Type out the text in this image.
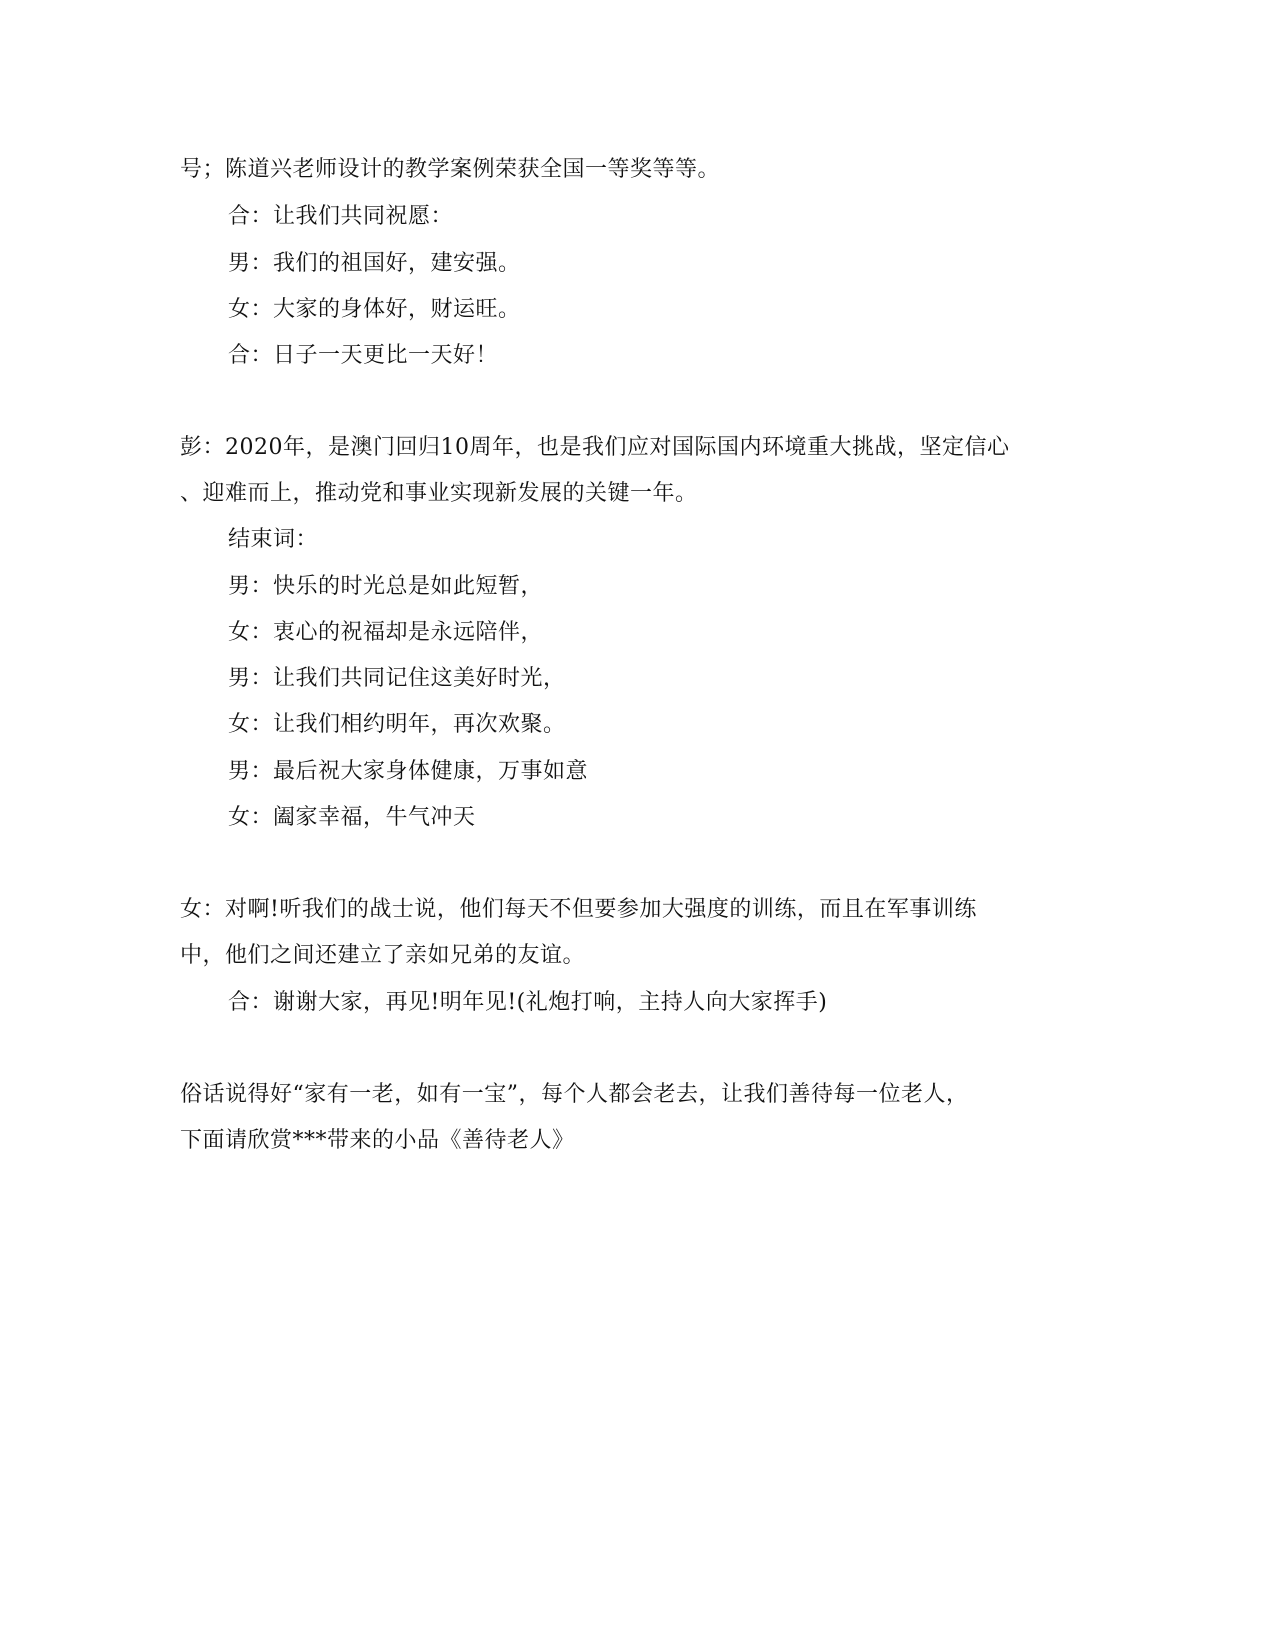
号；陈道兴老师设计的教学案例荣获全国一等奖等等。
合：让我们共同祝愿：
男：我们的祖国好，建安强。
女：大家的身体好，财运旺。
合：日子一天更比一天好！
彭：2020年，是澳门回归10周年，也是我们应对国际国内环境重大挑战，坚定信心
、迎难而上，推动党和事业实现新发展的关键一年。
结束词：
男：快乐的时光总是如此短暂，
女：衷心的祝福却是永远陪伴，
男：让我们共同记住这美好时光，
女：让我们相约明年，再次欢聚。
男：最后祝大家身体健康，万事如意
女：阖家幸福，牛气冲天
女：对啊!听我们的战士说，他们每天不但要参加大强度的训练，而且在军事训练
中，他们之间还建立了亲如兄弟的友谊。
合：谢谢大家，再见!明年见!(礼炮打响，主持人向大家挥手)
俗话说得好“家有一老，如有一宝”，每个人都会老去，让我们善待每一位老人，
下面请欣赏***带来的小品《善待老人》
